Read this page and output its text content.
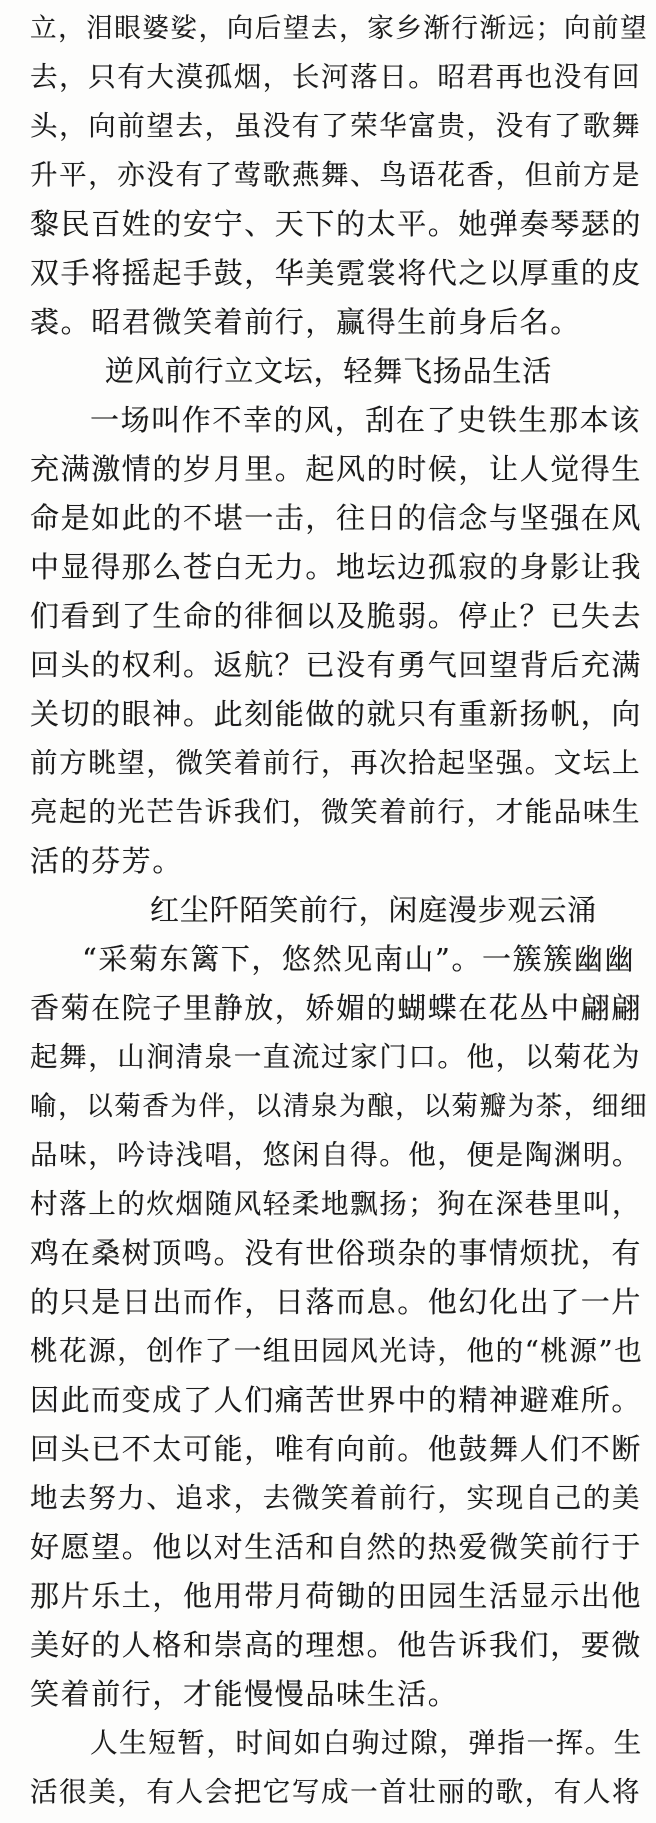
立，泪眼婆娑，向后望去，家乡渐行渐远；向前望
去，只有大漠孤烟，长河落日。昭君再也没有回
头，向前望去，虽没有了荣华富贵，没有了歌舞
升平，亦没有了莺歌燕舞、鸟语花香，但前方是
黎民百姓的安宁、天下的太平。她弹奏琴瑟的
双手将摇起手鼓，华美霓裳将代之以厚重的皮
裘。昭君微笑着前行，赢得生前身后名。
逆风前行立文坛，轻舞飞扬品生活
一场叫作不幸的风，刮在了史铁生那本该
充满激情的岁月里。起风的时候，让人觉得生
命是如此的不堪一击，往日的信念与坚强在风
中显得那么苍白无力。地坛边孤寂的身影让我
们看到了生命的徘徊以及脆弱。停止？已失去
回头的权利。返航？已没有勇气回望背后充满
关切的眼神。此刻能做的就只有重新扬帆，向
前方眺望，微笑着前行，再次拾起坚强。文坛上
亮起的光芒告诉我们，微笑着前行，才能品味生
活的芬芳。
红尘阡陌笑前行，闲庭漫步观云涌
“采菊东篱下，悠然见南山”。一簇簇幽幽
香菊在院子里静放，娇媚的蝴蝶在花丛中翩翩
起舞，山涧清泉一直流过家门口。他，以菊花为
喻，以菊香为伴，以清泉为酿，以菊瓣为茶，细细
品味，吟诗浅唱，悠闲自得。他，便是陶渊明。
村落上的炊烟随风轻柔地飘扬；狗在深巷里叫，
鸡在桑树顶鸣。没有世俗琐杂的事情烦扰，有
的只是日出而作，日落而息。他幻化出了一片
桃花源，创作了一组田园风光诗，他的“桃源”也
因此而变成了人们痛苦世界中的精神避难所。
回头已不太可能，唯有向前。他鼓舞人们不断
地去努力、追求，去微笑着前行，实现自己的美
好愿望。他以对生活和自然的热爱微笑前行于
那片乐土，他用带月荷锄的田园生活显示出他
美好的人格和崇高的理想。他告诉我们，要微
笑着前行，才能慢慢品味生活。
人生短暂，时间如白驹过隙，弹指一挥。生
活很美，有人会把它写成一首壮丽的歌，有人将
